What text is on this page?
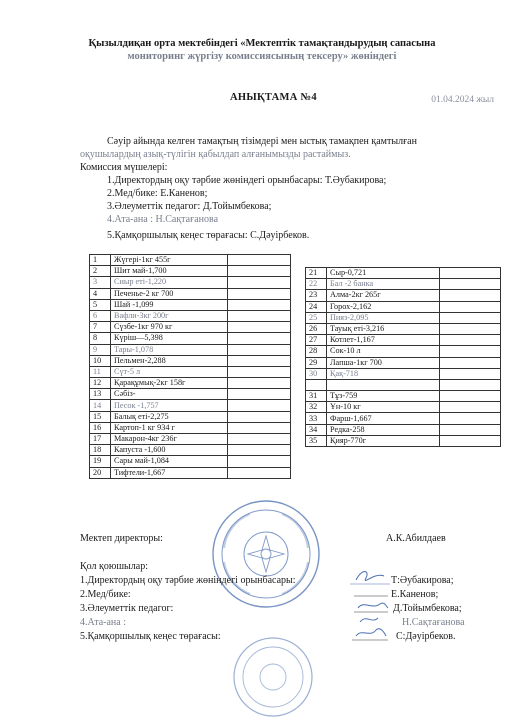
Қызылдиқан орта мектебіндегі «Мектептік тамақтандырудың сапасына
мониторинг жүргізу комиссиясының тексеру» жөніндегі
АНЫҚТАМА №4	01.04.2024 жыл
Сәуір айында келген тамақтың тізімдері мен ыстық тамақпен қамтылған
оқушылардың азық-түлігін қабылдап алғанымызды растаймыз.
Комиссия мүшелері:
1.Директордың оқу тәрбие жөніндегі орынбасары: Т.Әубакирова;
2.Мед/бике: Е.Каненов;
3.Әлеуметтік педагог: Д.Тойымбекова;
4.Ата-ана : Н.Сақтағанова
5.Қамқоршылық кеңес төрағасы: С.Дәуірбеков.
1	Жүгері-1кг 455г	
2	Шит май-1,700	
3	Сиыр еті-1,220	
4	Печенье-2 кг 700	
5	Шай -1,099	
6	Вафли-3кг 200г	
7	Сүзбе-1кг 970 кг	
8	Күріш—5,398	
9	Тары-1,078	
10	Пельмен-2,288	
11	Сүт-5 л	
12	Қарақұмық-2кг 158г	
13	Сәбіз-	
14	Песок -1,757	
15	Балық еті-2,275	
16	Картоп-1 кг 934 г	
17	Макарон-4кг 236г	
18	Капуста -1,600	
19	Сары май-1,084	
20	Тифтели-1,667	
21	Сыр-0,721	
22	Бал -2 банка	
23	Алма-2кг 265г	
24	Горох-2,162	
25	Пияз-2,095	
26	Тауық еті-3,216	
27	Котлет-1,167	
28	Сок-10 л	
29	Лапша-1кг 700	
30	Қақ-718	

31	Тұз-759	
32	Ұн-10 кг	
33	Фарш-1,667	
34	Редка-258	
35	Қияр-770г	
Мектеп директоры:	А.К.Абилдаев
Қол қоюшылар:
1.Директордың оқу тәрбие жөніндегі орынбасары:	Т:Әубакирова;
2.Мед/бике:	Е.Каненов;
3.Әлеуметтік педагог:	Д.Тойымбекова;
4.Ата-ана :	Н.Сақтағанова
5.Қамқоршылық кеңес төрағасы:	С:Дәуірбеков.
